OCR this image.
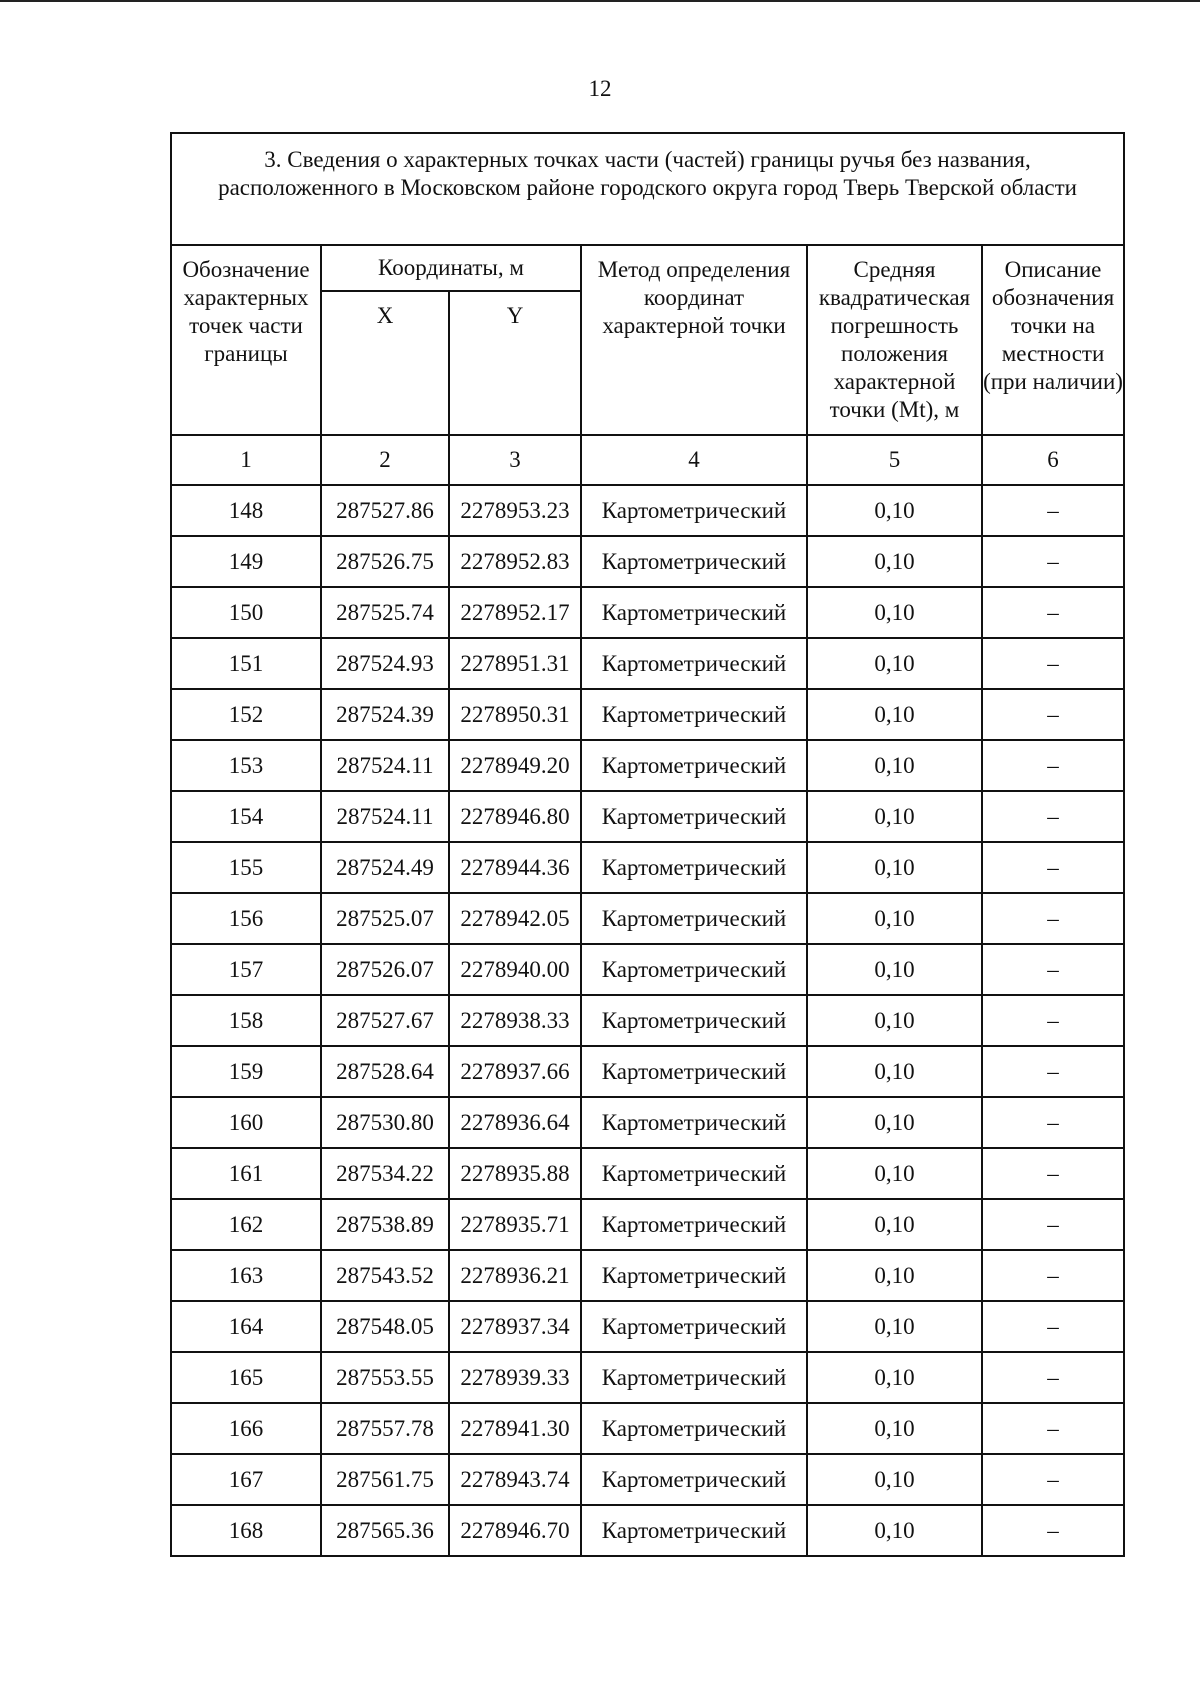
12
3. Сведения о характерных точках части (частей) границы ручья без названия, расположенного в Московском районе городского округа город Тверь Тверской области					

Обозначение характерных точек части границы	Координаты, м		Метод определения координат характерной точки	Средняя квадратическая погрешность положения характерной точки (Mt), м	Описание обозначения точки на местности (при наличии)
	X	Y			
1	2	3	4	5	6
148	287527.86	2278953.23	Картометрический	0,10	–
149	287526.75	2278952.83	Картометрический	0,10	–
150	287525.74	2278952.17	Картометрический	0,10	–
151	287524.93	2278951.31	Картометрический	0,10	–
152	287524.39	2278950.31	Картометрический	0,10	–
153	287524.11	2278949.20	Картометрический	0,10	–
154	287524.11	2278946.80	Картометрический	0,10	–
155	287524.49	2278944.36	Картометрический	0,10	–
156	287525.07	2278942.05	Картометрический	0,10	–
157	287526.07	2278940.00	Картометрический	0,10	–
158	287527.67	2278938.33	Картометрический	0,10	–
159	287528.64	2278937.66	Картометрический	0,10	–
160	287530.80	2278936.64	Картометрический	0,10	–
161	287534.22	2278935.88	Картометрический	0,10	–
162	287538.89	2278935.71	Картометрический	0,10	–
163	287543.52	2278936.21	Картометрический	0,10	–
164	287548.05	2278937.34	Картометрический	0,10	–
165	287553.55	2278939.33	Картометрический	0,10	–
166	287557.78	2278941.30	Картометрический	0,10	–
167	287561.75	2278943.74	Картометрический	0,10	–
168	287565.36	2278946.70	Картометрический	0,10	–
